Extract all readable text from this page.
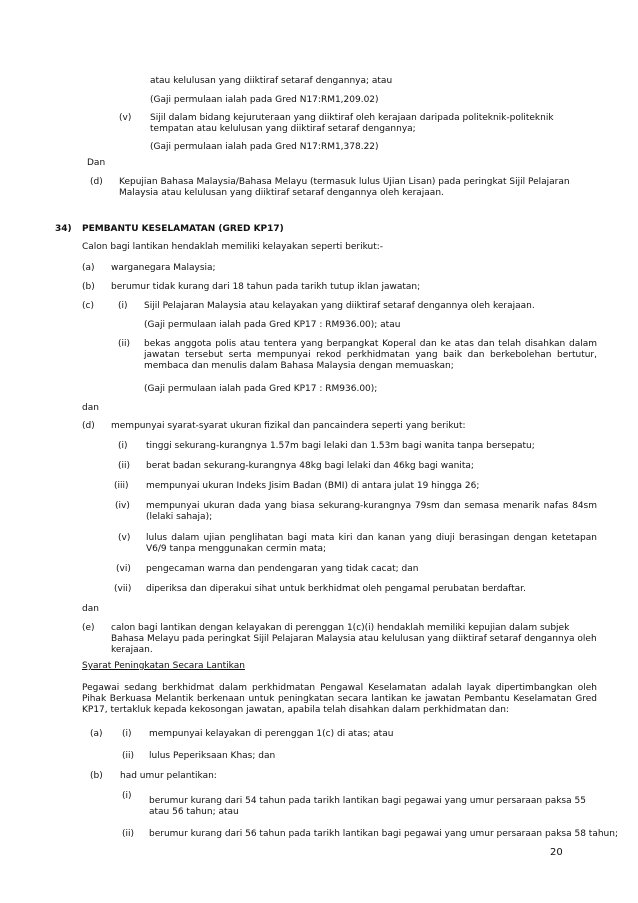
atau kelulusan yang diiktiraf setaraf dengannya; atau
(Gaji permulaan ialah pada Gred N17:RM1,209.02)
(v) Sijil dalam bidang kejuruteraan yang diiktiraf oleh kerajaan daripada politeknik-politeknik tempatan atau kelulusan yang diiktiraf setaraf dengannya;
(Gaji permulaan ialah pada Gred N17:RM1,378.22)
Dan
(d) Kepujian Bahasa Malaysia/Bahasa Melayu (termasuk lulus Ujian Lisan) pada peringkat Sijil Pelajaran Malaysia atau kelulusan yang diiktiraf setaraf dengannya oleh kerajaan.
34) PEMBANTU KESELAMATAN (GRED KP17)
Calon bagi lantikan hendaklah memiliki kelayakan seperti berikut:-
(a) warganegara Malaysia;
(b) berumur tidak kurang dari 18 tahun pada tarikh tutup iklan jawatan;
(c)	(i) Sijil Pelajaran Malaysia atau kelayakan yang diiktiraf setaraf dengannya oleh kerajaan.
(Gaji permulaan ialah pada Gred KP17 : RM936.00); atau
(ii) bekas anggota polis atau tentera yang berpangkat Koperal dan ke atas dan telah disahkan dalam jawatan tersebut serta mempunyai rekod perkhidmatan yang baik dan berkebolehan bertutur, membaca dan menulis dalam Bahasa Malaysia dengan memuaskan;
(Gaji permulaan ialah pada Gred KP17 : RM936.00);
dan
(d) mempunyai syarat-syarat ukuran fizikal dan pancaindera seperti yang berikut:
(i) tinggi sekurang-kurangnya 1.57m bagi lelaki dan 1.53m bagi wanita tanpa bersepatu;
(ii) berat badan sekurang-kurangnya 48kg bagi lelaki dan 46kg bagi wanita;
(iii) mempunyai ukuran Indeks Jisim Badan (BMI) di antara julat 19 hingga 26;
(iv) mempunyai ukuran dada yang biasa sekurang-kurangnya 79sm dan semasa menarik nafas 84sm (lelaki sahaja);
(v) lulus dalam ujian penglihatan bagi mata kiri dan kanan yang diuji berasingan dengan ketetapan V6/9 tanpa menggunakan cermin mata;
(vi) pengecaman warna dan pendengaran yang tidak cacat; dan
(vii) diperiksa dan diperakui sihat untuk berkhidmat oleh pengamal perubatan berdaftar.
dan
(e) calon bagi lantikan dengan kelayakan di perenggan 1(c)(i) hendaklah memiliki kepujian dalam subjek Bahasa Melayu pada peringkat Sijil Pelajaran Malaysia atau kelulusan yang diiktiraf setaraf dengannya oleh kerajaan.
Syarat Peningkatan Secara Lantikan
Pegawai sedang berkhidmat dalam perkhidmatan Pengawal Keselamatan adalah layak dipertimbangkan oleh Pihak Berkuasa Melantik berkenaan untuk peningkatan secara lantikan ke jawatan Pembantu Keselamatan Gred KP17, tertakluk kepada kekosongan jawatan, apabila telah disahkan dalam perkhidmatan dan:
(a) (i) mempunyai kelayakan di perenggan 1(c) di atas; atau
(ii) lulus Peperiksaan Khas; dan
(b) had umur pelantikan:
(i) berumur kurang dari 54 tahun pada tarikh lantikan bagi pegawai yang umur persaraan paksa 55 atau 56 tahun; atau
(ii) berumur kurang dari 56 tahun pada tarikh lantikan bagi pegawai yang umur persaraan paksa 58 tahun;
20
